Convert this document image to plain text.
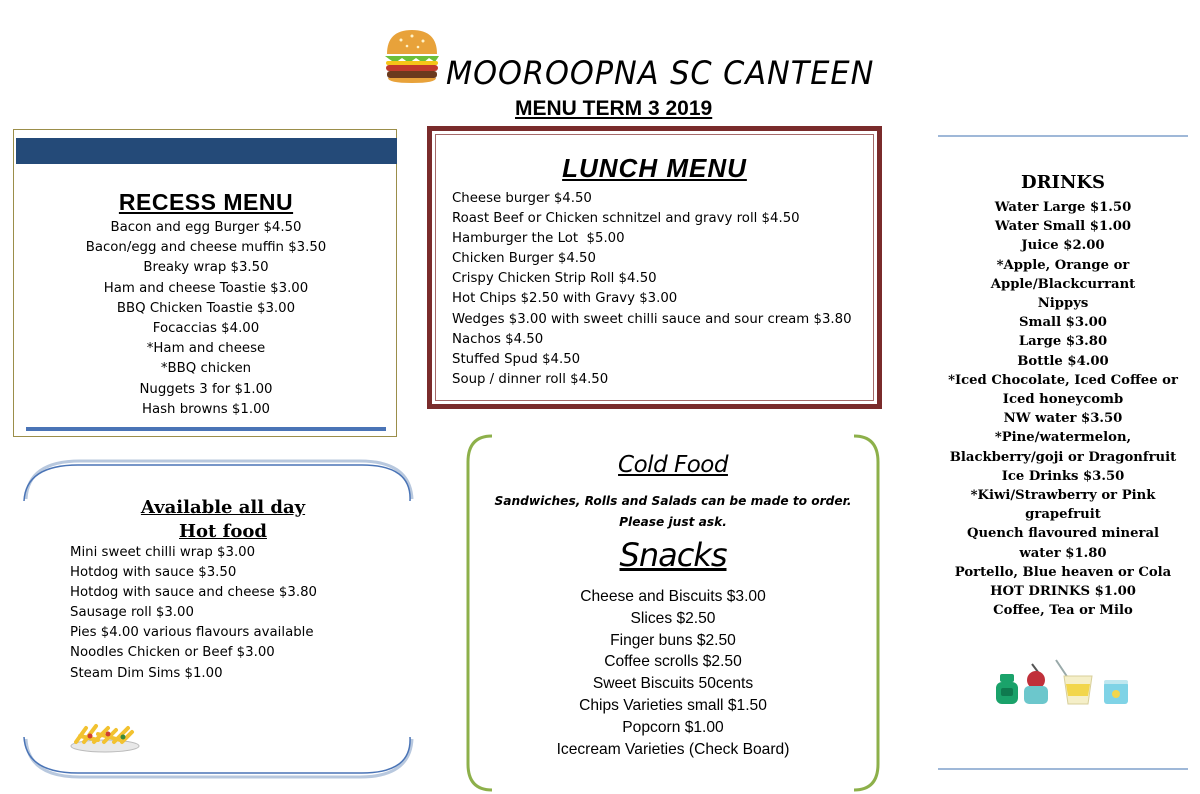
MOOROOPNA SC CANTEEN
MENU TERM 3 2019
RECESS MENU
Bacon and egg Burger $4.50
Bacon/egg and cheese muffin $3.50
Breaky wrap $3.50
Ham and cheese Toastie $3.00
BBQ Chicken Toastie $3.00
Focaccias $4.00
*Ham and cheese
*BBQ chicken
Nuggets 3 for $1.00
Hash browns $1.00
LUNCH MENU
Cheese burger $4.50
Roast Beef or Chicken schnitzel and gravy roll $4.50
Hamburger the Lot  $5.00
Chicken Burger $4.50
Crispy Chicken Strip Roll $4.50
Hot Chips $2.50 with Gravy $3.00
Wedges $3.00 with sweet chilli sauce and sour cream $3.80
Nachos $4.50
Stuffed Spud $4.50
Soup / dinner roll $4.50
DRINKS
Water Large $1.50
Water Small $1.00
Juice $2.00
*Apple, Orange or
Apple/Blackcurrant
Nippys
Small $3.00
Large $3.80
Bottle $4.00
*Iced Chocolate, Iced Coffee or
Iced honeycomb
NW water $3.50
*Pine/watermelon,
Blackberry/goji or Dragonfruit
Ice Drinks $3.50
*Kiwi/Strawberry or Pink
grapefruit
Quench flavoured mineral
water $1.80
Portello, Blue heaven or Cola
HOT DRINKS $1.00
Coffee, Tea or Milo
Available all day
Hot food
Mini sweet chilli wrap $3.00
Hotdog with sauce $3.50
Hotdog with sauce and cheese $3.80
Sausage roll $3.00
Pies $4.00 various flavours available
Noodles Chicken or Beef $3.00
Steam Dim Sims $1.00
Cold Food
Sandwiches, Rolls and Salads can be made to order.
Please just ask.
Snacks
Cheese and Biscuits $3.00
Slices $2.50
Finger buns $2.50
Coffee scrolls $2.50
Sweet Biscuits 50cents
Chips Varieties small $1.50
Popcorn $1.00
Icecream Varieties (Check Board)
